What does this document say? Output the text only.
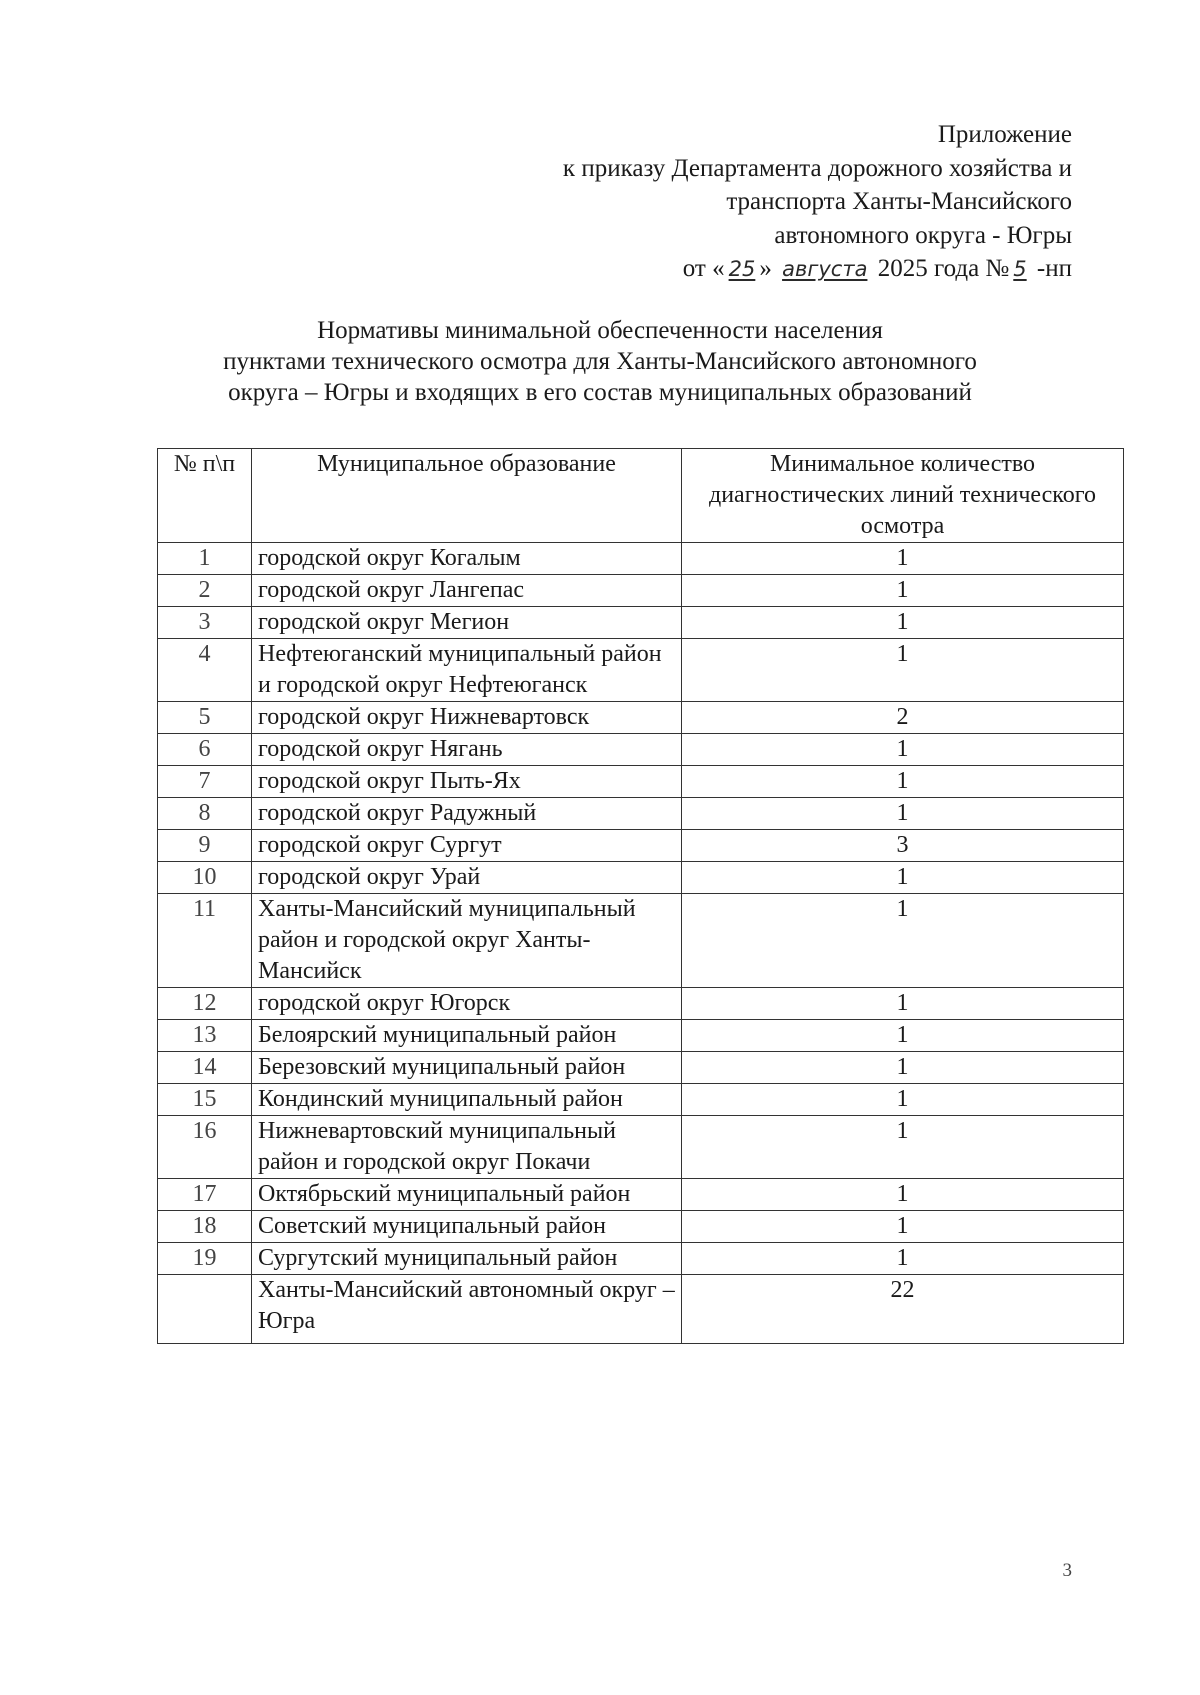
Приложение
к приказу Департамента дорожного хозяйства и
транспорта Ханты-Мансийского
автономного округа - Югры
от « 25 » августа 2025 года № 5 -нп
Нормативы минимальной обеспеченности населения
пунктами технического осмотра для Ханты-Мансийского автономного
округа – Югры и входящих в его состав муниципальных образований
№ п\п	Муниципальное образование	Минимальное количество диагностических линий технического осмотра
1	городской округ Когалым	1
2	городской округ Лангепас	1
3	городской округ Мегион	1
4	Нефтеюганский муниципальный район и городской округ Нефтеюганск	1
5	городской округ Нижневартовск	2
6	городской округ Нягань	1
7	городской округ Пыть-Ях	1
8	городской округ Радужный	1
9	городской округ Сургут	3
10	городской округ Урай	1
11	Ханты-Мансийский муниципальный район и городской округ Ханты-Мансийск	1
12	городской округ Югорск	1
13	Белоярский муниципальный район	1
14	Березовский муниципальный район	1
15	Кондинский муниципальный район	1
16	Нижневартовский муниципальный район и городской округ Покачи	1
17	Октябрьский муниципальный район	1
18	Советский муниципальный район	1
19	Сургутский муниципальный район	1
	Ханты-Мансийский автономный округ – Югра	22
3
